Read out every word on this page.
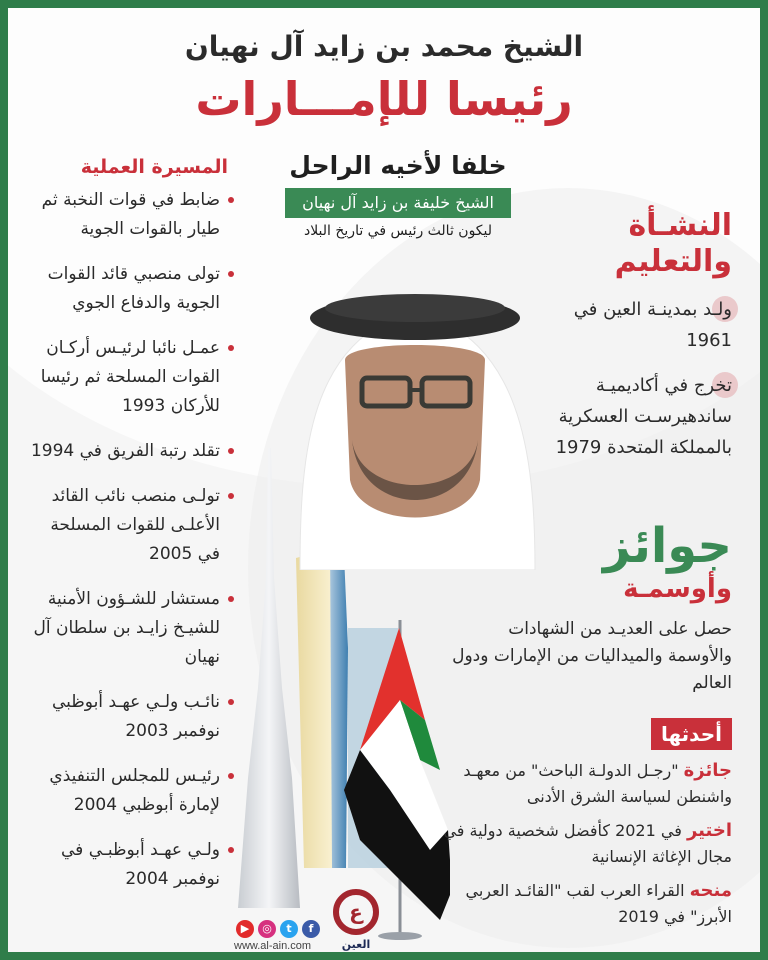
الشيخ محمد بن زايد آل نهيان
رئيسا للإمـــارات
خلفا لأخيه الراحل
الشيخ خليفة بن زايد آل نهيان
ليكون ثالث رئيس في تاريخ البلاد
المسيرة العملية
ضابط في قوات النخبة ثم طيار بالقوات الجوية
تولى منصبي قائد القوات الجوية والدفاع الجوي
عمـل نائبا لرئيـس أركـان القوات المسلحة ثم رئيسا للأركان 1993
تقلد رتبة الفريق في 1994
تولـى منصب نائب القائد الأعلـى للقوات المسلحة في 2005
مستشار للشـؤون الأمنية للشيـخ زايـد بن سلطان آل نهيان
نائـب ولـي عهـد أبوظبي نوفمبر 2003
رئيـس للمجلس التنفيذي لإمارة أبوظبي 2004
ولـي عهـد أبوظبـي في نوفمبر 2004
النشـأة
والتعليم

ولـد بمدينـة العين في 1961

تخرج في أكاديميـة ساندهيرسـت العسكرية بالمملكة المتحدة 1979

جوائز
وأوسمـة

حصل على العديـد من الشهادات والأوسمة والميداليات من الإمارات ودول العالم

أحدثها

جائزة "رجـل الدولـة الباحث" من معهـد واشنطن لسياسة الشرق الأدنى

اختير في 2021 كأفضل شخصية دولية في مجال الإغاثة الإنسانية

منحه القراء العرب لقب "القائـد العربي الأبرز" في 2019

ع
العين
▶	◎	t	f
www.al-ain.com
